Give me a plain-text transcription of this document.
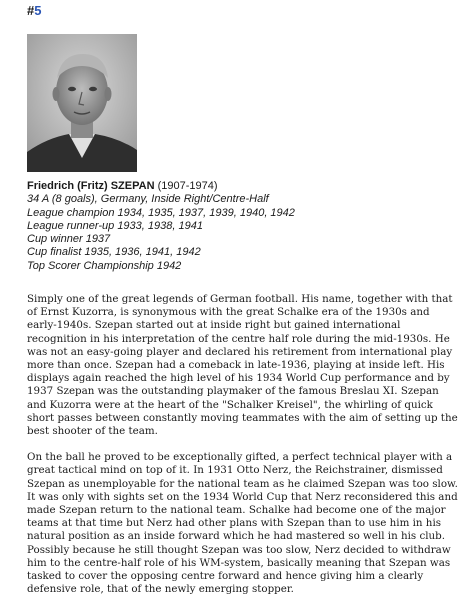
#5
Friedrich (Fritz) SZEPAN (1907-1974)
34 A (8 goals), Germany, Inside Right/Centre-Half
League champion 1934, 1935, 1937, 1939, 1940, 1942
League runner-up 1933, 1938, 1941
Cup winner 1937
Cup finalist 1935, 1936, 1941, 1942
Top Scorer Championship 1942

Simply one of the great legends of German football. His name, together with that of Ernst Kuzorra, is synonymous with the great Schalke era of the 1930s and early-1940s. Szepan started out at inside right but gained international recognition in his interpretation of the centre half role during the mid-1930s. He was not an easy-going player and declared his retirement from international play more than once. Szepan had a comeback in late-1936, playing at inside left. His displays again reached the high level of his 1934 World Cup performance and by 1937 Szepan was the outstanding playmaker of the famous Breslau XI. Szepan and Kuzorra were at the heart of the "Schalker Kreisel", the whirling of quick short passes between constantly moving teammates with the aim of setting up the best shooter of the team.

On the ball he proved to be exceptionally gifted, a perfect technical player with a great tactical mind on top of it. In 1931 Otto Nerz, the Reichstrainer, dismissed Szepan as unemployable for the national team as he claimed Szepan was too slow. It was only with sights set on the 1934 World Cup that Nerz reconsidered this and made Szepan return to the national team. Schalke had become one of the major teams at that time but Nerz had other plans with Szepan than to use him in his natural position as an inside forward which he had mastered so well in his club. Possibly because he still thought Szepan was too slow, Nerz decided to withdraw him to the centre-half role of his WM-system, basically meaning that Szepan was tasked to cover the opposing centre forward and hence giving him a clearly defensive role, that of the newly emerging stopper.
